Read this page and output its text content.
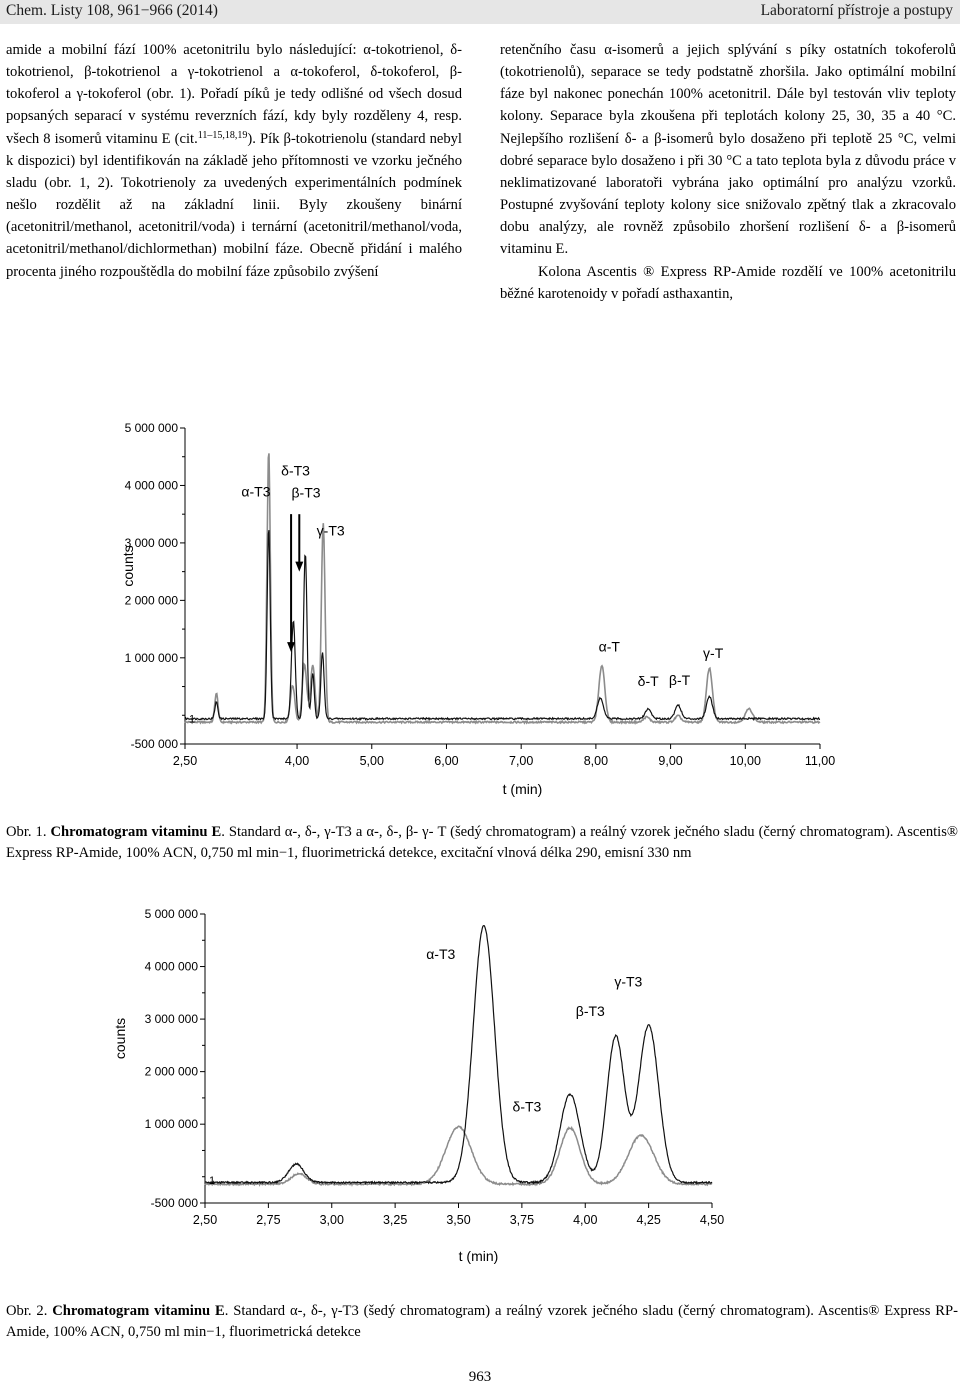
Chem. Listy 108, 961−966 (2014)	Laboratorní přístroje a postupy

amide a mobilní fází 100% acetonitrilu bylo následující: α-tokotrienol, δ-tokotrienol, β-tokotrienol a γ-tokotrienol a α-tokoferol, δ-tokoferol, β-tokoferol a γ-tokoferol (obr. 1). Pořadí píků je tedy odlišné od všech dosud popsaných separací v systému reverzních fází, kdy byly rozděleny 4, resp. všech 8 isomerů vitaminu E (cit.$^{11-15,18,19}$). Pík β-tokotrienolu (standard nebyl k dispozici) byl identifikován na základě jeho přítomnosti ve vzorku ječného sladu (obr. 1, 2). Tokotrienoly za uvedených experimentálních podmínek nešlo rozdělit až na základní linii. Byly zkoušeny binární (acetonitril/methanol, acetonitril/voda) i ternární (acetonitril/methanol/voda, acetonitril/methanol/dichlormethan) mobilní fáze. Obecně přidání i malého procenta jiného rozpouštědla do mobilní fáze způsobilo zvýšení

retenčního času α-isomerů a jejich splývání s píky ostatních tokoferolů (tokotrienolů), separace se tedy podstatně zhoršila. Jako optimální mobilní fáze byl nakonec ponechán 100% acetonitril. Dále byl testován vliv teploty kolony. Separace byla zkoušena při teplotách kolony 25, 30, 35 a 40 °C. Nejlepšího rozlišení δ- a β-isomerů bylo dosaženo při teplotě 25 °C, velmi dobré separace bylo dosaženo i při 30 °C a tato teplota byla z důvodu práce v neklimatizované laboratoři vybrána jako optimální pro analýzu vzorků. Postupné zvyšování teploty kolony sice snižovalo zpětný tlak a zkracovalo dobu analýzy, ale rovněž způsobilo zhoršení rozlišení δ- a β-isomerů vitaminu E.

Kolona Ascentis ® Express RP-Amide rozdělí ve 100% acetonitrilu běžné karotenoidy v pořadí asthaxantin,

-500 000
1 000 000
2 000 000
3 000 000
4 000 000
5 000 000
2,50	4,00	5,00	6,00	7,00	8,00	9,00	10,00	11,00
t (min)
counts
1
α-T3
δ-T3
β-T3
γ-T3
α-T
δ-T β-T
γ-T
Obr. 1. Chromatogram vitaminu E. Standard α-, δ-, γ-T3 a α-, δ-, β- γ- T (šedý chromatogram) a reálný vzorek ječného sladu (černý chromatogram). Ascentis® Express RP-Amide, 100% ACN, 0,750 ml min−1, fluorimetrická detekce, excitační vlnová délka 290, emisní 330 nm
-500 000
1 000 000
2 000 000
3 000 000
4 000 000
5 000 000
2,50	2,75	3,00	3,25	3,50	3,75	4,00	4,25	4,50
t (min)
counts
1
α-T3
δ-T3
β-T3
γ-T3
Obr. 2. Chromatogram vitaminu E. Standard α-, δ-, γ-T3 (šedý chromatogram) a reálný vzorek ječného sladu (černý chromatogram). Ascentis® Express RP-Amide, 100% ACN, 0,750 ml min−1, fluorimetrická detekce
963
